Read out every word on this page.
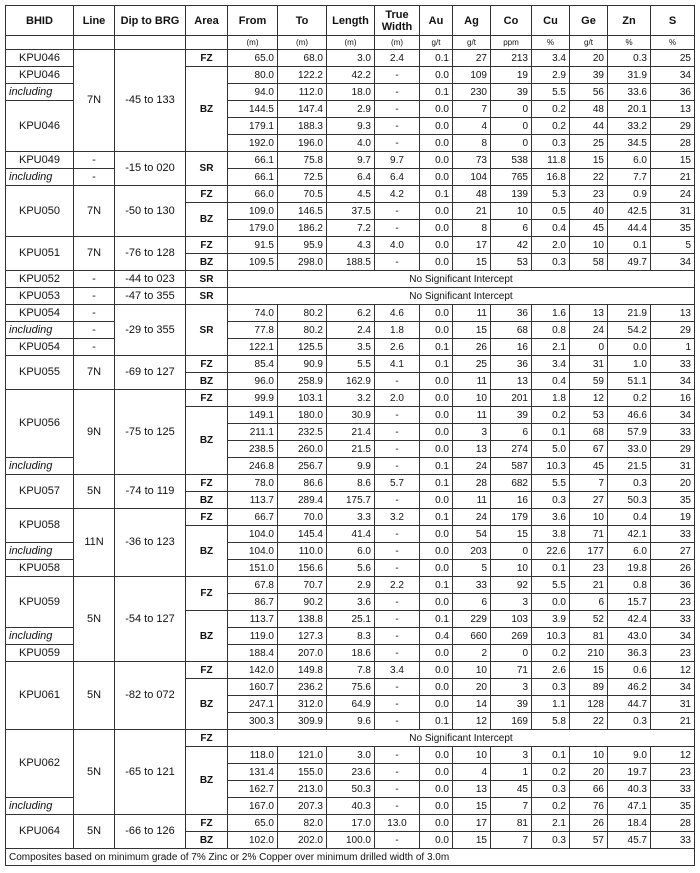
BHID	Line	Dip to BRG	Area	From	To	Length	True Width	Au	Ag	Co	Cu	Ge	Zn	S
				(m)	(m)	(m)	(m)	g/t	g/t	ppm	%	g/t	%	%
KPU046	7N	-45 to 133	FZ	65.0	68.0	3.0	2.4	0.1	27	213	3.4	20	0.3	25
KPU046			BZ	80.0	122.2	42.2	-	0.0	109	19	2.9	39	31.9	34
including				94.0	112.0	18.0	-	0.1	230	39	5.5	56	33.6	36
KPU046				144.5	147.4	2.9	-	0.0	7	0	0.2	48	20.1	13
				179.1	188.3	9.3	-	0.0	4	0	0.2	44	33.2	29
				192.0	196.0	4.0	-	0.0	8	0	0.3	25	34.5	28
KPU049	-	-15 to 020	SR	66.1	75.8	9.7	9.7	0.0	73	538	11.8	15	6.0	15
including	-			66.1	72.5	6.4	6.4	0.0	104	765	16.8	22	7.7	21
KPU050	7N	-50 to 130	FZ	66.0	70.5	4.5	4.2	0.1	48	139	5.3	23	0.9	24
			BZ	109.0	146.5	37.5	-	0.0	21	10	0.5	40	42.5	31
				179.0	186.2	7.2	-	0.0	8	6	0.4	45	44.4	35
KPU051	7N	-76 to 128	FZ	91.5	95.9	4.3	4.0	0.0	17	42	2.0	10	0.1	5
			BZ	109.5	298.0	188.5	-	0.0	15	53	0.3	58	49.7	34
KPU052	-	-44 to 023	SR	No Significant Intercept										
KPU053	-	-47 to 355	SR	No Significant Intercept										
KPU054	-	-29 to 355	SR	74.0	80.2	6.2	4.6	0.0	11	36	1.6	13	21.9	13
including	-			77.8	80.2	2.4	1.8	0.0	15	68	0.8	24	54.2	29
KPU054	-			122.1	125.5	3.5	2.6	0.1	26	16	2.1	0	0.0	1
KPU055	7N	-69 to 127	FZ	85.4	90.9	5.5	4.1	0.1	25	36	3.4	31	1.0	33
			BZ	96.0	258.9	162.9	-	0.0	11	13	0.4	59	51.1	34
KPU056	9N	-75 to 125	FZ	99.9	103.1	3.2	2.0	0.0	10	201	1.8	12	0.2	16
			BZ	149.1	180.0	30.9	-	0.0	11	39	0.2	53	46.6	34
				211.1	232.5	21.4	-	0.0	3	6	0.1	68	57.9	33
				238.5	260.0	21.5	-	0.0	13	274	5.0	67	33.0	29
including				246.8	256.7	9.9	-	0.1	24	587	10.3	45	21.5	31
KPU057	5N	-74 to 119	FZ	78.0	86.6	8.6	5.7	0.1	28	682	5.5	7	0.3	20
			BZ	113.7	289.4	175.7	-	0.0	11	16	0.3	27	50.3	35
KPU058	11N	-36 to 123	FZ	66.7	70.0	3.3	3.2	0.1	24	179	3.6	10	0.4	19
			BZ	104.0	145.4	41.4	-	0.0	54	15	3.8	71	42.1	33
including				104.0	110.0	6.0	-	0.0	203	0	22.6	177	6.0	27
KPU058				151.0	156.6	5.6	-	0.0	5	10	0.1	23	19.8	26
KPU059	5N	-54 to 127	FZ	67.8	70.7	2.9	2.2	0.1	33	92	5.5	21	0.8	36
				86.7	90.2	3.6	-	0.0	6	3	0.0	6	15.7	23
			BZ	113.7	138.8	25.1	-	0.1	229	103	3.9	52	42.4	33
including				119.0	127.3	8.3	-	0.4	660	269	10.3	81	43.0	34
KPU059				188.4	207.0	18.6	-	0.0	2	0	0.2	210	36.3	23
KPU061	5N	-82 to 072	FZ	142.0	149.8	7.8	3.4	0.0	10	71	2.6	15	0.6	12
			BZ	160.7	236.2	75.6	-	0.0	20	3	0.3	89	46.2	34
				247.1	312.0	64.9	-	0.0	14	39	1.1	128	44.7	31
				300.3	309.9	9.6	-	0.1	12	169	5.8	22	0.3	21
KPU062	5N	-65 to 121	FZ	No Significant Intercept										
			BZ	118.0	121.0	3.0	-	0.0	10	3	0.1	10	9.0	12
				131.4	155.0	23.6	-	0.0	4	1	0.2	20	19.7	23
				162.7	213.0	50.3	-	0.0	13	45	0.3	66	40.3	33
including				167.0	207.3	40.3	-	0.0	15	7	0.2	76	47.1	35
KPU064	5N	-66 to 126	FZ	65.0	82.0	17.0	13.0	0.0	17	81	2.1	26	18.4	28
			BZ	102.0	202.0	100.0	-	0.0	15	7	0.3	57	45.7	33
Composites based on minimum grade of 7% Zinc or 2% Copper over minimum drilled width of 3.0m														
